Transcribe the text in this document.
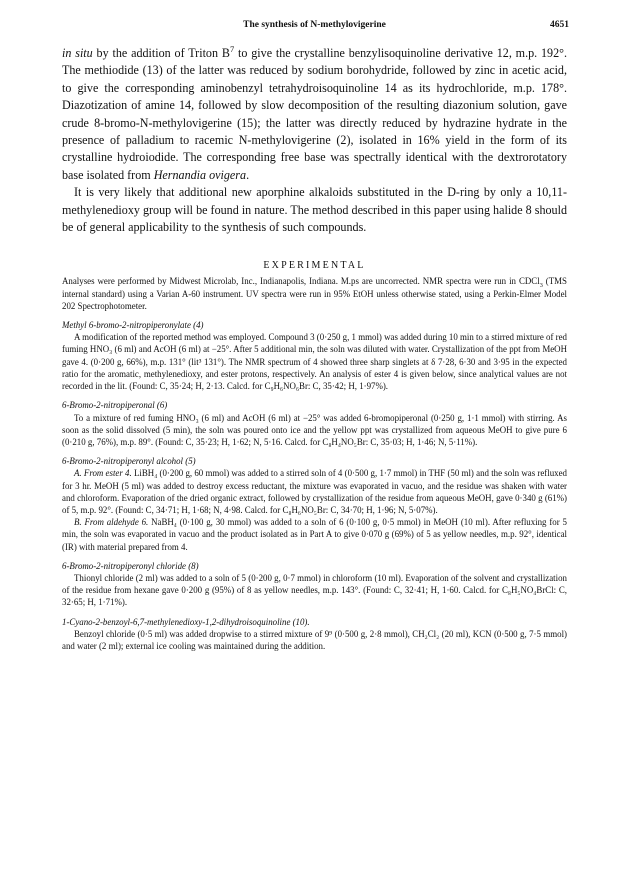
The synthesis of N-methylovigerine	4651

in situ by the addition of Triton $B^7$ to give the crystalline benzylisoquinoline derivative 12, m.p. 192°. The methiodide (13) of the latter was reduced by sodium borohydride, followed by zinc in acetic acid, to give the corresponding aminobenzyl tetrahydroisoquinoline 14 as its hydrochloride, m.p. 178°. Diazotization of amine 14, followed by slow decomposition of the resulting diazonium solution, gave crude 8-bromo-N-methylovigerine (15); the latter was directly reduced by hydrazine hydrate in the presence of palladium to racemic N-methylovigerine (2), isolated in 16% yield in the form of its crystalline hydroiodide. The corresponding free base was spectrally identical with the dextrorotatory base isolated from Hernandia ovigera.

It is very likely that additional new aporphine alkaloids substituted in the D-ring by only a 10,11-methylenedioxy group will be found in nature. The method described in this paper using halide 8 should be of general applicability to the synthesis of such compounds.

EXPERIMENTAL

Analyses were performed by Midwest Microlab, Inc., Indianapolis, Indiana. M.ps are uncorrected. NMR spectra were run in CDCl$_3$ (TMS internal standard) using a Varian A-60 instrument. UV spectra were run in 95% EtOH unless otherwise stated, using a Perkin-Elmer Model 202 Spectrophotometer.

Methyl 6-bromo-2-nitropiperonylate (4)

A modification of the reported method was employed. Compound 3 (0·250 g, 1 mmol) was added during 10 min to a stirred mixture of red fuming HNO₃ (6 ml) and AcOH (6 ml) at −25°. After 5 additional min, the soln was diluted with water. Crystallization of the ppt from MeOH gave 4. (0·200 g, 66%), m.p. 131° (lit³ 131°). The NMR spectrum of 4 showed three sharp singlets at δ 7·28, 6·30 and 3·95 in the expected ratio for the aromatic, methylenedioxy, and ester protons, respectively. An analysis of ester 4 is given below, since analytical values are not recorded in the lit. (Found: C, 35·24; H, 2·13. Calcd. for C₉H₆NO₆Br: C, 35·42; H, 1·97%).

6-Bromo-2-nitropiperonal (6)

To a mixture of red fuming HNO₃ (6 ml) and AcOH (6 ml) at −25° was added 6-bromopiperonal (0·250 g, 1·1 mmol) with stirring. As soon as the solid dissolved (5 min), the soln was poured onto ice and the yellow ppt was crystallized from aqueous MeOH to give pure 6 (0·210 g, 76%), m.p. 89°. (Found: C, 35·23; H, 1·62; N, 5·16. Calcd. for C₈H₄NO₅Br: C, 35·03; H, 1·46; N, 5·11%).

6-Bromo-2-nitropiperonyl alcohol (5)

A. From ester 4. LiBH₄ (0·200 g, 60 mmol) was added to a stirred soln of 4 (0·500 g, 1·7 mmol) in THF (50 ml) and the soln was refluxed for 3 hr. MeOH (5 ml) was added to destroy excess reductant, the mixture was evaporated in vacuo, and the residue was shaken with water and chloroform. Evaporation of the dried organic extract, followed by crystallization of the residue from aqueous MeOH, gave 0·340 g (61%) of 5, m.p. 92°. (Found: C, 34·71; H, 1·68; N, 4·98. Calcd. for C₈H₆NO₅Br: C, 34·70; H, 1·96; N, 5·07%).

B. From aldehyde 6. NaBH₄ (0·100 g, 30 mmol) was added to a soln of 6 (0·100 g, 0·5 mmol) in MeOH (10 ml). After refluxing for 5 min, the soln was evaporated in vacuo and the product isolated as in Part A to give 0·070 g (69%) of 5 as yellow needles, m.p. 92°, identical (IR) with material prepared from 4.

6-Bromo-2-nitropiperonyl chloride (8)

Thionyl chloride (2 ml) was added to a soln of 5 (0·200 g, 0·7 mmol) in chloroform (10 ml). Evaporation of the solvent and crystallization of the residue from hexane gave 0·200 g (95%) of 8 as yellow needles, m.p. 143°. (Found: C, 32·41; H, 1·60. Calcd. for C₈H₅NO₄BrCl: C, 32·65; H, 1·71%).

1-Cyano-2-benzoyl-6,7-methylenedioxy-1,2-dihydroisoquinoline (10).

Benzoyl chloride (0·5 ml) was added dropwise to a stirred mixture of 9⁹ (0·500 g, 2·8 mmol), CH₂Cl₂ (20 ml), KCN (0·500 g, 7·5 mmol) and water (2 ml); external ice cooling was maintained during the addition.
